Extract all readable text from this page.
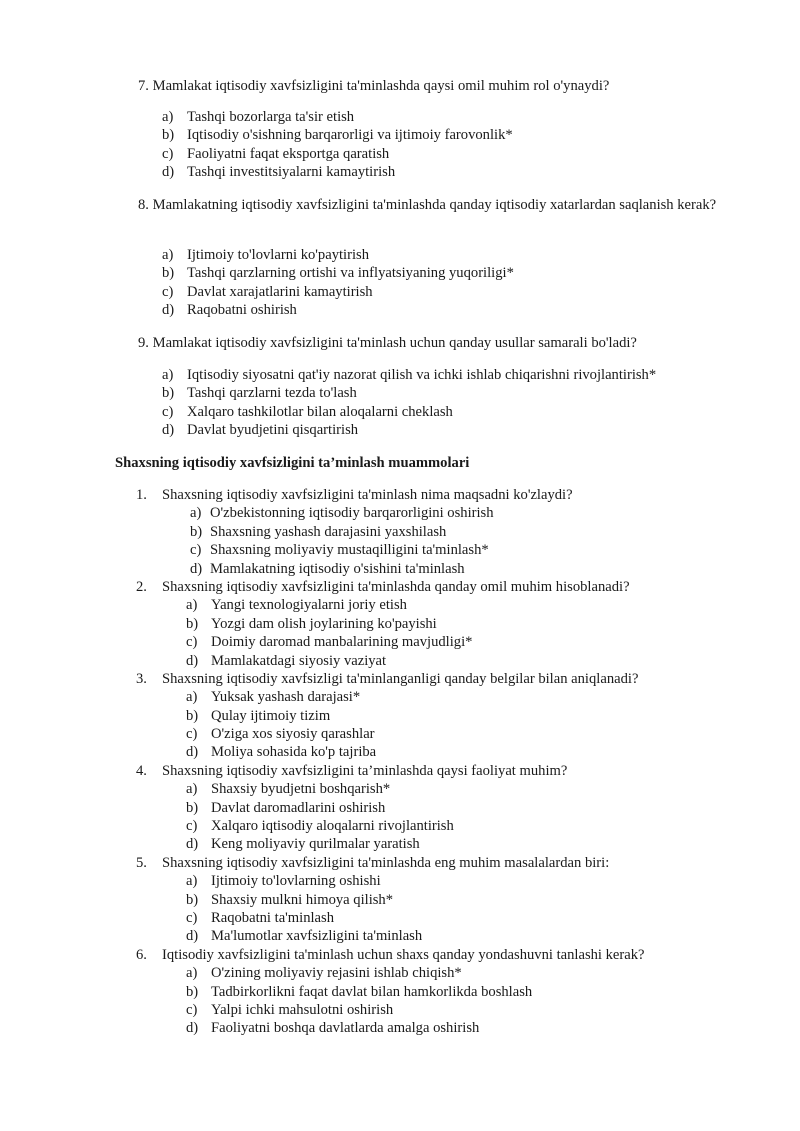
7. Mamlakat iqtisodiy xavfsizligini ta'minlashda qaysi omil muhim rol o'ynaydi?
a) Tashqi bozorlarga ta'sir etish
b) Iqtisodiy o'sishning barqarorligi va ijtimoiy farovonlik*
c) Faoliyatni faqat eksportga qaratish
d) Tashqi investitsiyalarni kamaytirish
8. Mamlakatning iqtisodiy xavfsizligini ta'minlashda qanday iqtisodiy xatarlardan saqlanish kerak?
a) Ijtimoiy to'lovlarni ko'paytirish
b) Tashqi qarzlarning ortishi va inflyatsiyaning yuqoriligi*
c) Davlat xarajatlarini kamaytirish
d) Raqobatni oshirish
9. Mamlakat iqtisodiy xavfsizligini ta'minlash uchun qanday usullar samarali bo'ladi?
a) Iqtisodiy siyosatni qat'iy nazorat qilish va ichki ishlab chiqarishni rivojlantirish*
b) Tashqi qarzlarni tezda to'lash
c) Xalqaro tashkilotlar bilan aloqalarni cheklash
d) Davlat byudjetini qisqartirish
Shaxsning iqtisodiy xavfsizligini ta’minlash muammolari
1.	Shaxsning iqtisodiy xavfsizligini ta'minlash nima maqsadni ko'zlaydi?
a) O'zbekistonning iqtisodiy barqarorligini oshirish
b) Shaxsning yashash darajasini yaxshilash
c) Shaxsning moliyaviy mustaqilligini ta'minlash*
d) Mamlakatning iqtisodiy o'sishini ta'minlash
2.	Shaxsning iqtisodiy xavfsizligini ta'minlashda qanday omil muhim hisoblanadi?
a) Yangi texnologiyalarni joriy etish
b) Yozgi dam olish joylarining ko'payishi
c) Doimiy daromad manbalarining mavjudligi*
d) Mamlakatdagi siyosiy vaziyat
3.	Shaxsning iqtisodiy xavfsizligi ta'minlanganligi qanday belgilar bilan aniqlanadi?
a) Yuksak yashash darajasi*
b) Qulay ijtimoiy tizim
c) O'ziga xos siyosiy qarashlar
d) Moliya sohasida ko'p tajriba
4.	Shaxsning iqtisodiy xavfsizligini ta’minlashda qaysi faoliyat muhim?
a) Shaxsiy byudjetni boshqarish*
b) Davlat daromadlarini oshirish
c) Xalqaro iqtisodiy aloqalarni rivojlantirish
d) Keng moliyaviy qurilmalar yaratish
5.	Shaxsning iqtisodiy xavfsizligini ta'minlashda eng muhim masalalardan biri:
a) Ijtimoiy to'lovlarning oshishi
b) Shaxsiy mulkni himoya qilish*
c) Raqobatni ta'minlash
d) Ma'lumotlar xavfsizligini ta'minlash
6.	Iqtisodiy xavfsizligini ta'minlash uchun shaxs qanday yondashuvni tanlashi kerak?
a) O'zining moliyaviy rejasini ishlab chiqish*
b) Tadbirkorlikni faqat davlat bilan hamkorlikda boshlash
c) Yalpi ichki mahsulotni oshirish
d) Faoliyatni boshqa davlatlarda amalga oshirish
